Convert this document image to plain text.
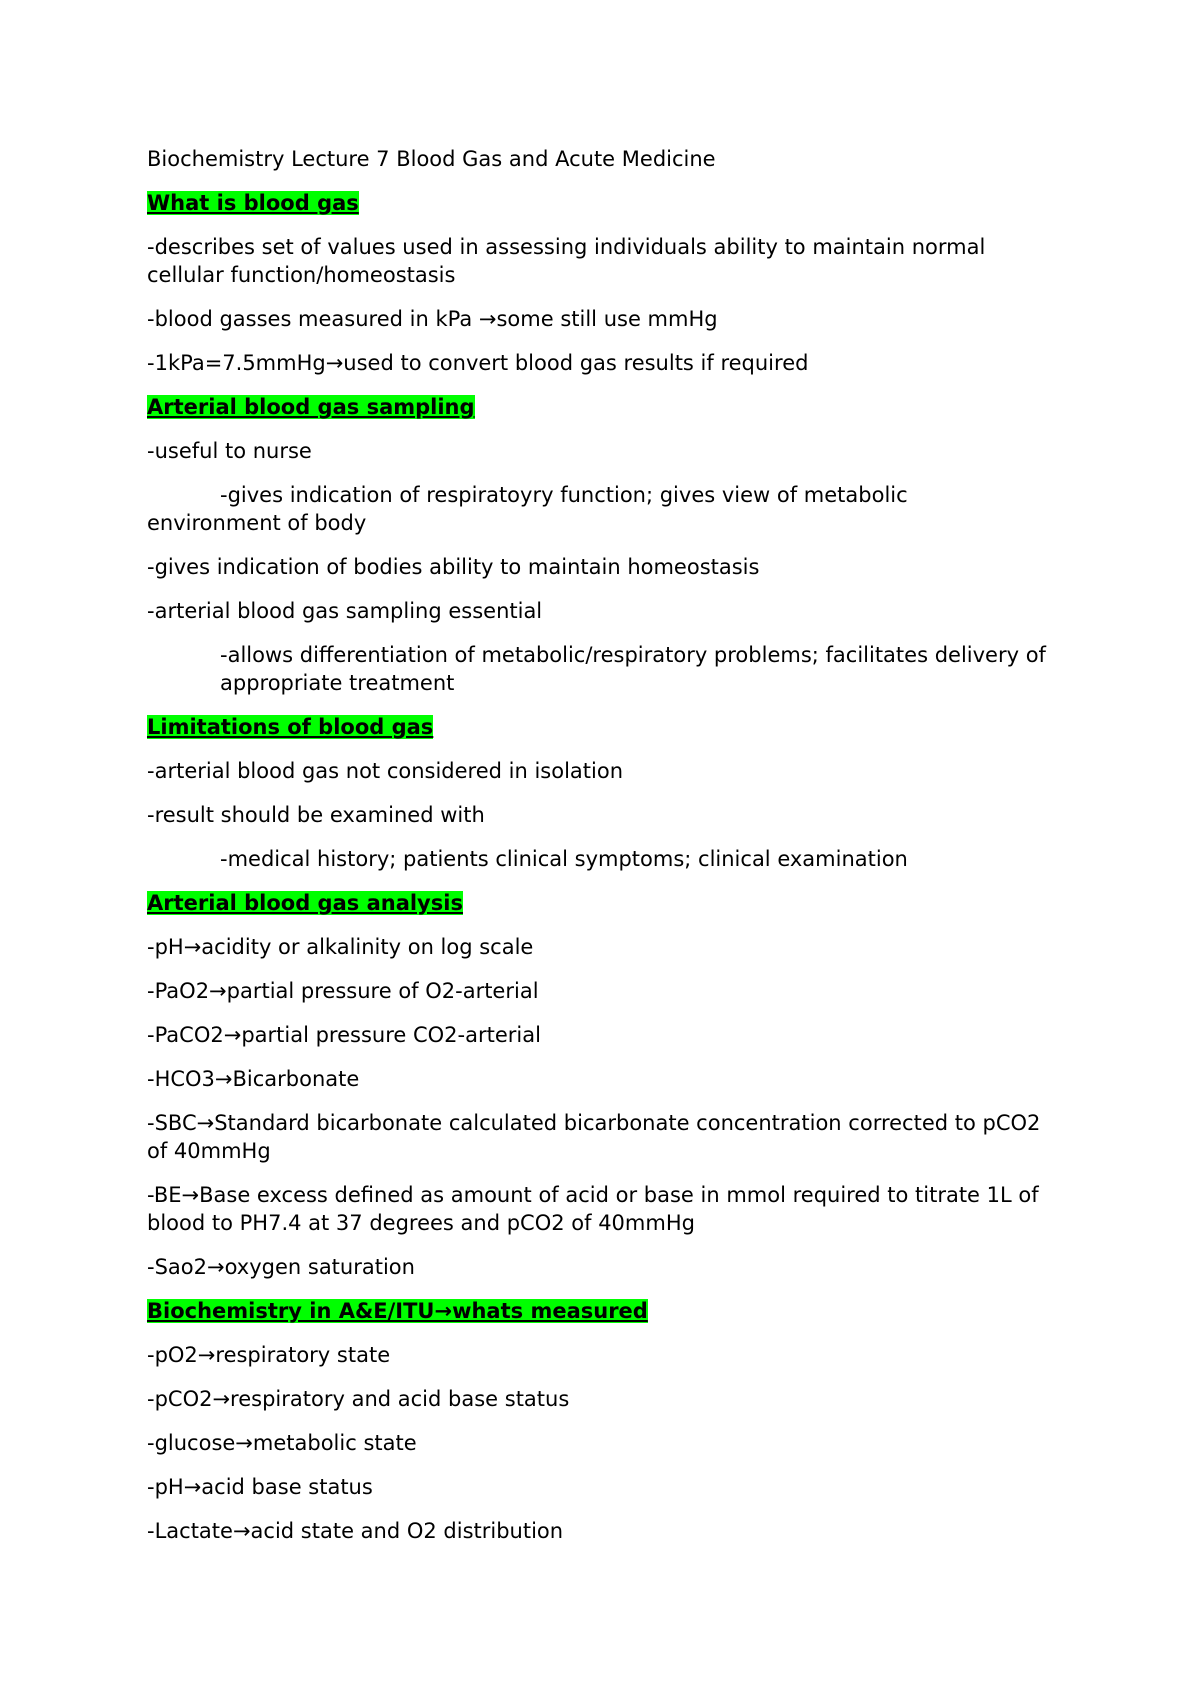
Biochemistry Lecture 7 Blood Gas and Acute Medicine
What is blood gas
-describes set of values used in assessing individuals ability to maintain normal cellular function/homeostasis
-blood gasses measured in kPa →some still use mmHg
-1kPa=7.5mmHg→used to convert blood gas results if required
Arterial blood gas sampling
-useful to nurse
-gives indication of respiratoyry function; gives view of metabolic environment of body
-gives indication of bodies ability to maintain homeostasis
-arterial blood gas sampling essential
-allows differentiation of metabolic/respiratory problems; facilitates delivery of appropriate treatment
Limitations of blood gas
-arterial blood gas not considered in isolation
-result should be examined with
-medical history; patients clinical symptoms; clinical examination
Arterial blood gas analysis
-pH→acidity or alkalinity on log scale
-PaO2→partial pressure of O2-arterial
-PaCO2→partial pressure CO2-arterial
-HCO3→Bicarbonate
-SBC→Standard bicarbonate calculated bicarbonate concentration corrected to pCO2 of 40mmHg
-BE→Base excess defined as amount of acid or base in mmol required to titrate 1L of blood to PH7.4 at 37 degrees and pCO2 of 40mmHg
-Sao2→oxygen saturation
Biochemistry in A&E/ITU→whats measured
-pO2→respiratory state
-pCO2→respiratory and acid base status
-glucose→metabolic state
-pH→acid base status
-Lactate→acid state and O2 distribution
